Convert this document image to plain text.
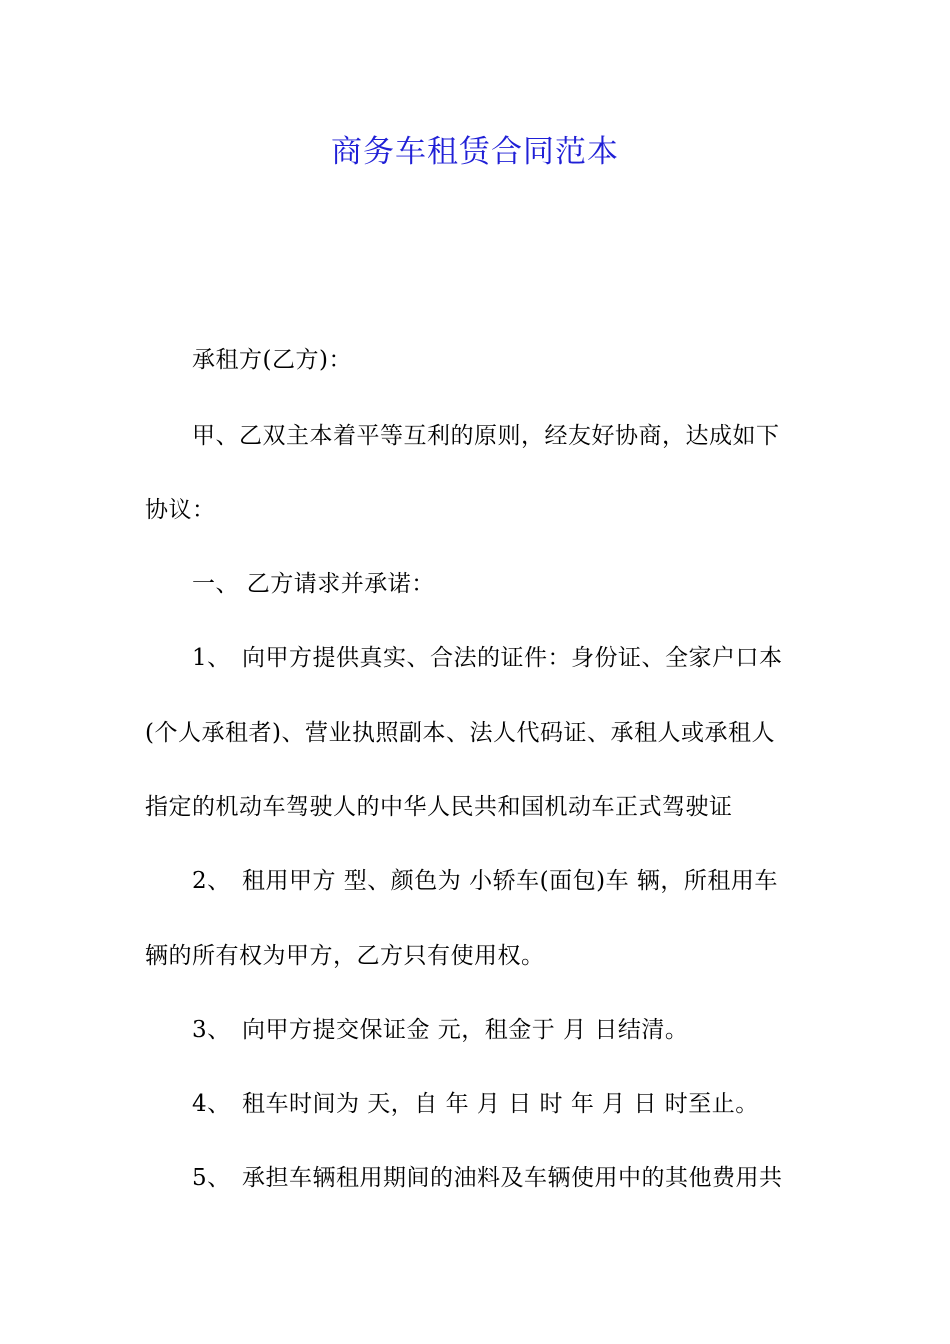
商务车租赁合同范本
承租方(乙方)：
甲、乙双主本着平等互利的原则，经友好协商，达成如下
协议：
一、 乙方请求并承诺：
1、 向甲方提供真实、合法的证件：身份证、全家户口本
(个人承租者)、营业执照副本、法人代码证、承租人或承租人
指定的机动车驾驶人的中华人民共和国机动车正式驾驶证
2、 租用甲方 型、颜色为 小轿车(面包)车 辆，所租用车
辆的所有权为甲方，乙方只有使用权。
3、 向甲方提交保证金 元，租金于 月 日结清。
4、 租车时间为 天，自 年 月 日 时 年 月 日 时至止。
5、 承担车辆租用期间的油料及车辆使用中的其他费用共
